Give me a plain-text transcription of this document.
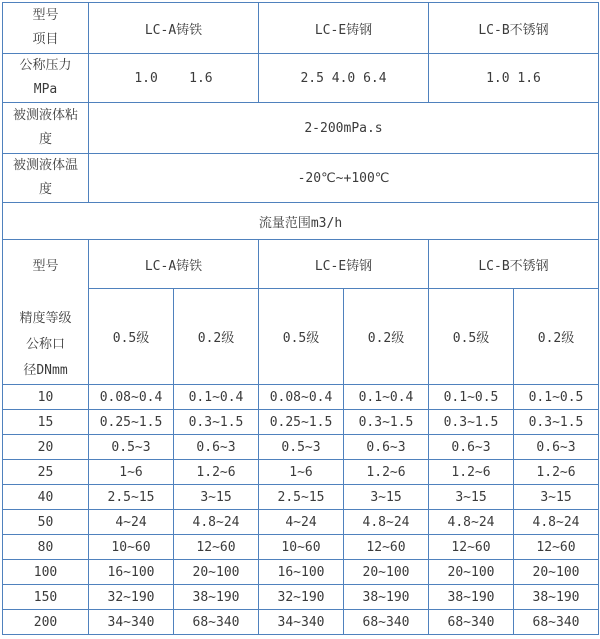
型号
项目	LC-A铸铁		LC-E铸钢		LC-B不锈钢	

公称压力
MPa	1.0    1.6		2.5 4.0 6.4		1.0 1.6	

被测液体粘
度	2-200mPa.s					

被测液体温
度	-20℃~+100℃					
流量范围m3/h						

型号
精度等级
公称口
径DNmm	LC-A铸铁		LC-E铸钢		LC-B不锈钢	
	0.5级	0.2级	0.5级	0.2级	0.5级	0.2级
10	0.08~0.4	0.1~0.4	0.08~0.4	0.1~0.4	0.1~0.5	0.1~0.5
15	0.25~1.5	0.3~1.5	0.25~1.5	0.3~1.5	0.3~1.5	0.3~1.5
20	0.5~3	0.6~3	0.5~3	0.6~3	0.6~3	0.6~3
25	1~6	1.2~6	1~6	1.2~6	1.2~6	1.2~6
40	2.5~15	3~15	2.5~15	3~15	3~15	3~15
50	4~24	4.8~24	4~24	4.8~24	4.8~24	4.8~24
80	10~60	12~60	10~60	12~60	12~60	12~60
100	16~100	20~100	16~100	20~100	20~100	20~100
150	32~190	38~190	32~190	38~190	38~190	38~190
200	34~340	68~340	34~340	68~340	68~340	68~340
